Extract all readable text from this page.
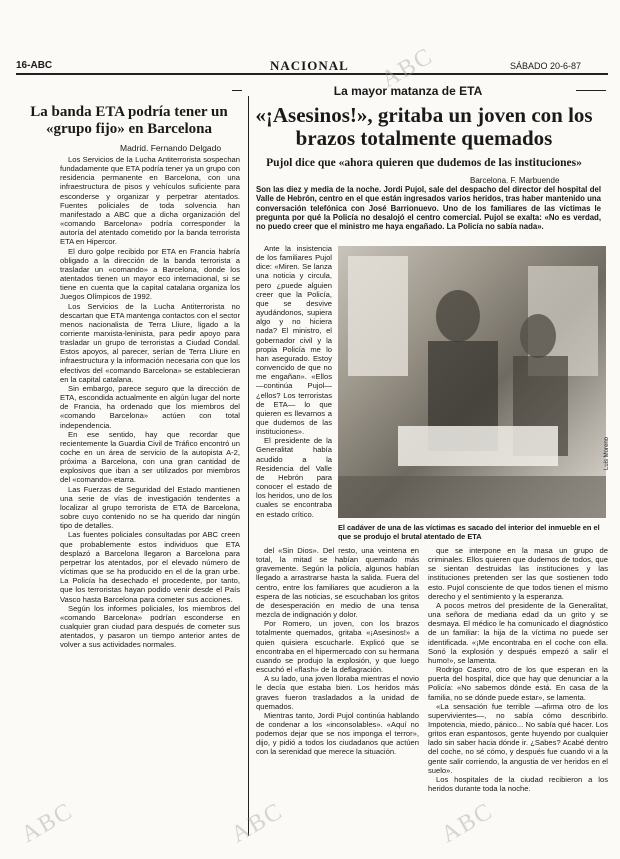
16-ABC	NACIONAL	SÁBADO 20-6-87
La mayor matanza de ETA
La banda ETA podría tener un «grupo fijo» en Barcelona
Madrid. Fernando Delgado

Los Servicios de la Lucha Antiterrorista sospechan fundadamente que ETA podría tener ya un grupo con residencia permanente en Barcelona, con una infraestructura de pisos y vehículos suficiente para esconderse y organizar y perpetrar atentados. Fuentes policiales de toda solvencia han manifestado a ABC que a dicha organización del «comando Barcelona» podría corresponder la autoría del atentado cometido por la banda terrorista ETA en Hipercor.

El duro golpe recibido por ETA en Francia habría obligado a la dirección de la banda terrorista a trasladar un «comando» a Barcelona, donde los atentados tienen un mayor eco internacional, si se tiene en cuenta que la capital catalana organiza los Juegos Olímpicos de 1992.

Los Servicios de la Lucha Antiterrorista no descartan que ETA mantenga contactos con el sector menos nacionalista de Terra Lliure, ligado a la corriente marxista-leninista, para pedir apoyo para trasladar un grupo de terroristas a Ciudad Condal. Estos apoyos, al parecer, serían de Terra Lliure en infraestructura y la información necesaria con que los efectivos del «comando Barcelona» se establecieran en la capital catalana.

Sin embargo, parece seguro que la dirección de ETA, escondida actualmente en algún lugar del norte de Francia, ha ordenado que los miembros del «comando Barcelona» actúen con total independencia.

En ese sentido, hay que recordar que recientemente la Guardia Civil de Tráfico encontró un coche en un área de servicio de la autopista A-2, próxima a Barcelona, con una gran cantidad de explosivos que iban a ser utilizados por miembros del «comando» etarra.

Las Fuerzas de Seguridad del Estado mantienen una serie de vías de investigación tendentes a localizar al grupo terrorista de ETA de Barcelona, sobre cuyo contenido no se ha querido dar ningún tipo de detalles.

Las fuentes policiales consultadas por ABC creen que probablemente estos individuos que ETA desplazó a Barcelona llegaron a Barcelona para perpetrar los atentados, por el elevado número de víctimas que se ha producido en el de la gran urbe. La Policía ha desechado el procedente, por tanto, que los terroristas hayan podido venir desde el País Vasco hasta Barcelona para cometer sus acciones.

Según los informes policiales, los miembros del «comando Barcelona» podrían esconderse en cualquier gran ciudad para después de cometer sus atentados, y pasaron un tiempo anterior antes de volver a sus actividades normales.

«¡Asesinos!», gritaba un joven con los brazos totalmente quemados
Pujol dice que «ahora quieren que dudemos de las instituciones»
Barcelona. F. Marbuende
Son las diez y media de la noche. Jordi Pujol, sale del despacho del director del hospital del Valle de Hebrón, centro en el que están ingresados varios heridos, tras haber mantenido una conversación telefónica con José Barrionuevo. Uno de los familiares de las víctimas le pregunta por qué la Policía no desalojó el centro comercial. Pujol se exalta: «No es verdad, no puedo creer que el ministro me haya engañado. La Policía no sabía nada».

Ante la insistencia de los familiares Pujol dice: «Miren. Se lanza una noticia y circula, pero ¿puede alguien creer que la Policía, que se desvive ayudándonos, supiera algo y no hiciera nada? El ministro, el gobernador civil y la propia Policía me lo han asegurado. Estoy convencido de que no me engañan». «Ellos —continúa Pujol— ¿ellos? Los terroristas de ETA— lo que quieren es llevarnos a que dudemos de las instituciones».

El presidente de la Generalitat había acudido a la Residencia del Valle de Hebrón para conocer el estado de los heridos, uno de los cuales se encontraba en estado crítico.

Luis Moreno
El cadáver de una de las víctimas es sacado del interior del inmueble en el que se produjo el brutal atentado de ETA

del «Sin Dios». Del resto, una veintena en total, la mitad se habían quemado más gravemente. Según la policía, algunos habían llegado a arrastrarse hasta la salida. Fuera del centro, entre los familiares que acudieron a la espera de las noticias, se escuchaban los gritos de desesperación en medio de una tensa mezcla de indignación y dolor.

Por Romero, un joven, con los brazos totalmente quemados, gritaba «¡Asesinos!» a quien quisiera escucharle. Explicó que se encontraba en el hipermercado con su hermana cuando se produjo la explosión, y que luego escuchó el «flash» de la deflagración.

A su lado, una joven lloraba mientras el novio le decía que estaba bien. Los heridos más graves fueron trasladados a la unidad de quemados.

Mientras tanto, Jordi Pujol continúa hablando de condenar a los «inconsolables». «Aquí no podemos dejar que se nos imponga el terror», dijo, y pidió a todos los ciudadanos que actúen con la serenidad que merece la situación.

que se interpone en la masa un grupo de criminales. Ellos quieren que dudemos de todos, que se sientan destruidas las instituciones y las instituciones pretenden ser las que sostienen todo esto. Pujol consciente de que todos tienen el mismo derecho y el sentimiento y la esperanza.

A pocos metros del presidente de la Generalitat, una señora de mediana edad da un grito y se desmaya. El médico le ha comunicado el diagnóstico de un familiar: la hija de la víctima no puede ser identificada. «¡Me encontraba en el coche con ella. Sonó la explosión y después empezó a salir el humo!», se lamenta.

Rodrigo Castro, otro de los que esperan en la puerta del hospital, dice que hay que denunciar a la Policía: «No sabemos dónde está. En casa de la familia, no se dónde puede estar», se lamenta.

«La sensación fue terrible —afirma otro de los supervivientes—, no sabía cómo describirlo. Impotencia, miedo, pánico... No sabía qué hacer. Los gritos eran espantosos, gente huyendo por cualquier lado sin saber hacia dónde ir. ¿Sabes? Acabé dentro del coche, no sé cómo, y después fue cuando vi a la gente salir corriendo, la angustia de ver heridos en el suelo».

Los hospitales de la ciudad recibieron a los heridos durante toda la noche.

ABC
ABC	ABC	ABC
